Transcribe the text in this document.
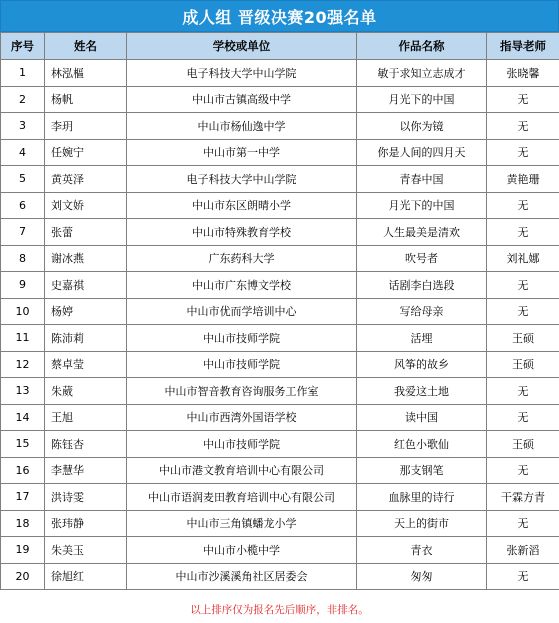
成人组 晋级决赛20强名单
序号	姓名	学校或单位	作品名称	指导老师
1	林泓樞	电子科技大学中山学院	敏于求知立志成才	张晓馨
2	杨帆	中山市古镇高级中学	月光下的中国	无
3	李玥	中山市杨仙逸中学	以你为镜	无
4	任婉宁	中山市第一中学	你是人间的四月天	无
5	黄英泽	电子科技大学中山学院	青春中国	黄艳珊
6	刘文娇	中山市东区朗晴小学	月光下的中国	无
7	张蕾	中山市特殊教育学校	人生最美是清欢	无
8	谢冰燕	广东药科大学	吹号者	刘礼娜
9	史嘉祺	中山市广东博文学校	话剧李白选段	无
10	杨婷	中山市优而学培训中心	写给母亲	无
11	陈沛莉	中山市技师学院	活埋	王硕
12	蔡卓莹	中山市技师学院	风筝的故乡	王硕
13	朱葳	中山市智音教育咨询服务工作室	我爱这土地	无
14	王旭	中山市西湾外国语学校	读中国	无
15	陈钰杏	中山市技师学院	红色小歌仙	王硕
16	李慧华	中山市港文教育培训中心有限公司	那支钢笔	无
17	洪诗雯	中山市语润麦田教育培训中心有限公司	血脉里的诗行	干霖方青
18	张玮静	中山市三角镇蟠龙小学	天上的街市	无
19	朱美玉	中山市小榄中学	青衣	张新滔
20	徐旭红	中山市沙溪溪角社区居委会	匆匆	无
以上排序仅为报名先后顺序，非排名。
